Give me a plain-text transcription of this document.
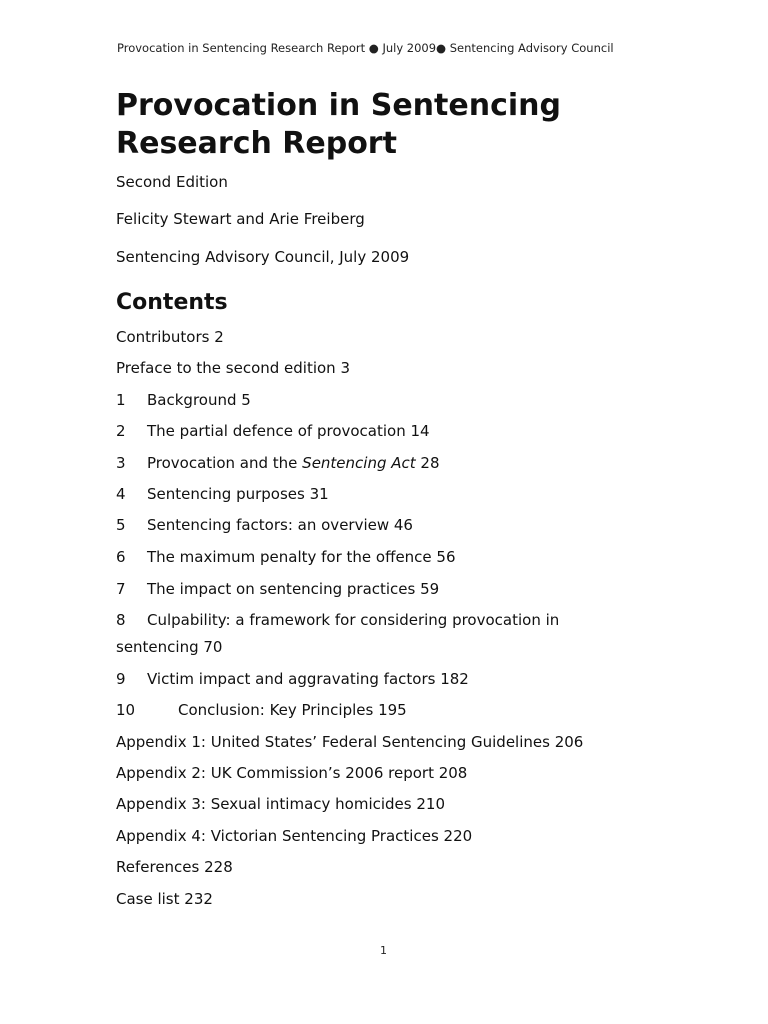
Provocation in Sentencing Research Report ● July 2009● Sentencing Advisory Council
Provocation in Sentencing Research Report
Second Edition
Felicity Stewart and Arie Freiberg
Sentencing Advisory Council, July 2009
Contents
Contributors 2
Preface to the second edition 3
1 Background 5
2 The partial defence of provocation 14
3 Provocation and the Sentencing Act 28
4 Sentencing purposes 31
5 Sentencing factors: an overview 46
6 The maximum penalty for the offence 56
7 The impact on sentencing practices 59
8 Culpability: a framework for considering provocation in sentencing 70
9 Victim impact and aggravating factors 182
10	Conclusion: Key Principles 195
Appendix 1: United States’ Federal Sentencing Guidelines 206
Appendix 2: UK Commission’s 2006 report 208
Appendix 3: Sexual intimacy homicides 210
Appendix 4: Victorian Sentencing Practices 220
References 228
Case list 232
1
